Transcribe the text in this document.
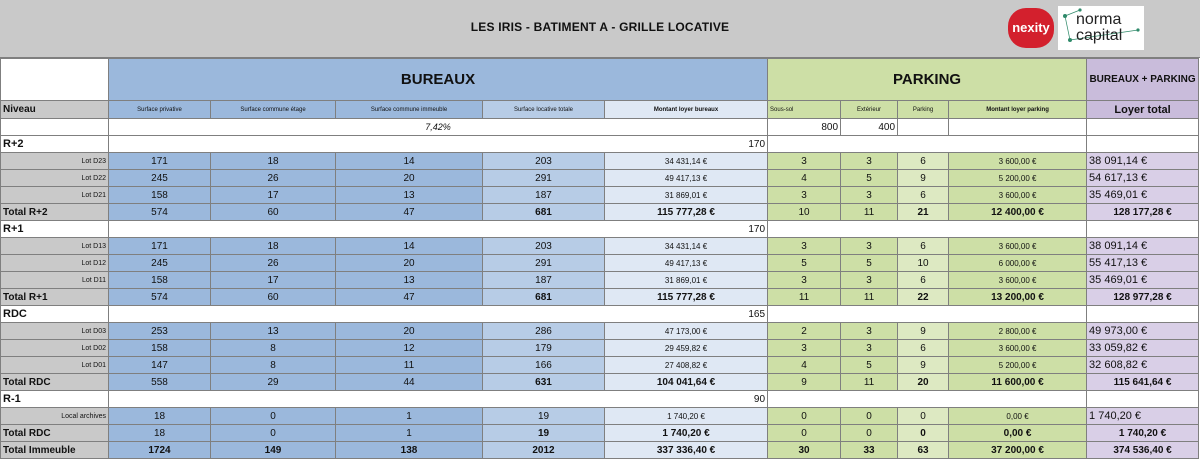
LES IRIS - BATIMENT A - GRILLE LOCATIVE	nexity norma
capital
	BUREAUX					PARKING				BUREAUX + PARKING
Niveau	Surface privative	Surface commune étage	Surface commune immeuble	Surface locative totale	Montant loyer bureaux	Sous-sol	Extérieur	Parking	Montant loyer parking	Loyer total
	7,42%					800	400			
R+2	170									
Lot D23	171	18	14	203	34 431,14 €	3	3	6	3 600,00 €	38 091,14 €
Lot D22	245	26	20	291	49 417,13 €	4	5	9	5 200,00 €	54 617,13 €
Lot D21	158	17	13	187	31 869,01 €	3	3	6	3 600,00 €	35 469,01 €
Total R+2	574	60	47	681	115 777,28 €	10	11	21	12 400,00 €	128 177,28 €
R+1	170									
Lot D13	171	18	14	203	34 431,14 €	3	3	6	3 600,00 €	38 091,14 €
Lot D12	245	26	20	291	49 417,13 €	5	5	10	6 000,00 €	55 417,13 €
Lot D11	158	17	13	187	31 869,01 €	3	3	6	3 600,00 €	35 469,01 €
Total R+1	574	60	47	681	115 777,28 €	11	11	22	13 200,00 €	128 977,28 €
RDC	165									
Lot D03	253	13	20	286	47 173,00 €	2	3	9	2 800,00 €	49 973,00 €
Lot D02	158	8	12	179	29 459,82 €	3	3	6	3 600,00 €	33 059,82 €
Lot D01	147	8	11	166	27 408,82 €	4	5	9	5 200,00 €	32 608,82 €
Total RDC	558	29	44	631	104 041,64 €	9	11	20	11 600,00 €	115 641,64 €
R-1	90									
Local archives	18	0	1	19	1 740,20 €	0	0	0	0,00 €	1 740,20 €
Total RDC	18	0	1	19	1 740,20 €	0	0	0	0,00 €	1 740,20 €
Total Immeuble	1724	149	138	2012	337 336,40 €	30	33	63	37 200,00 €	374 536,40 €
